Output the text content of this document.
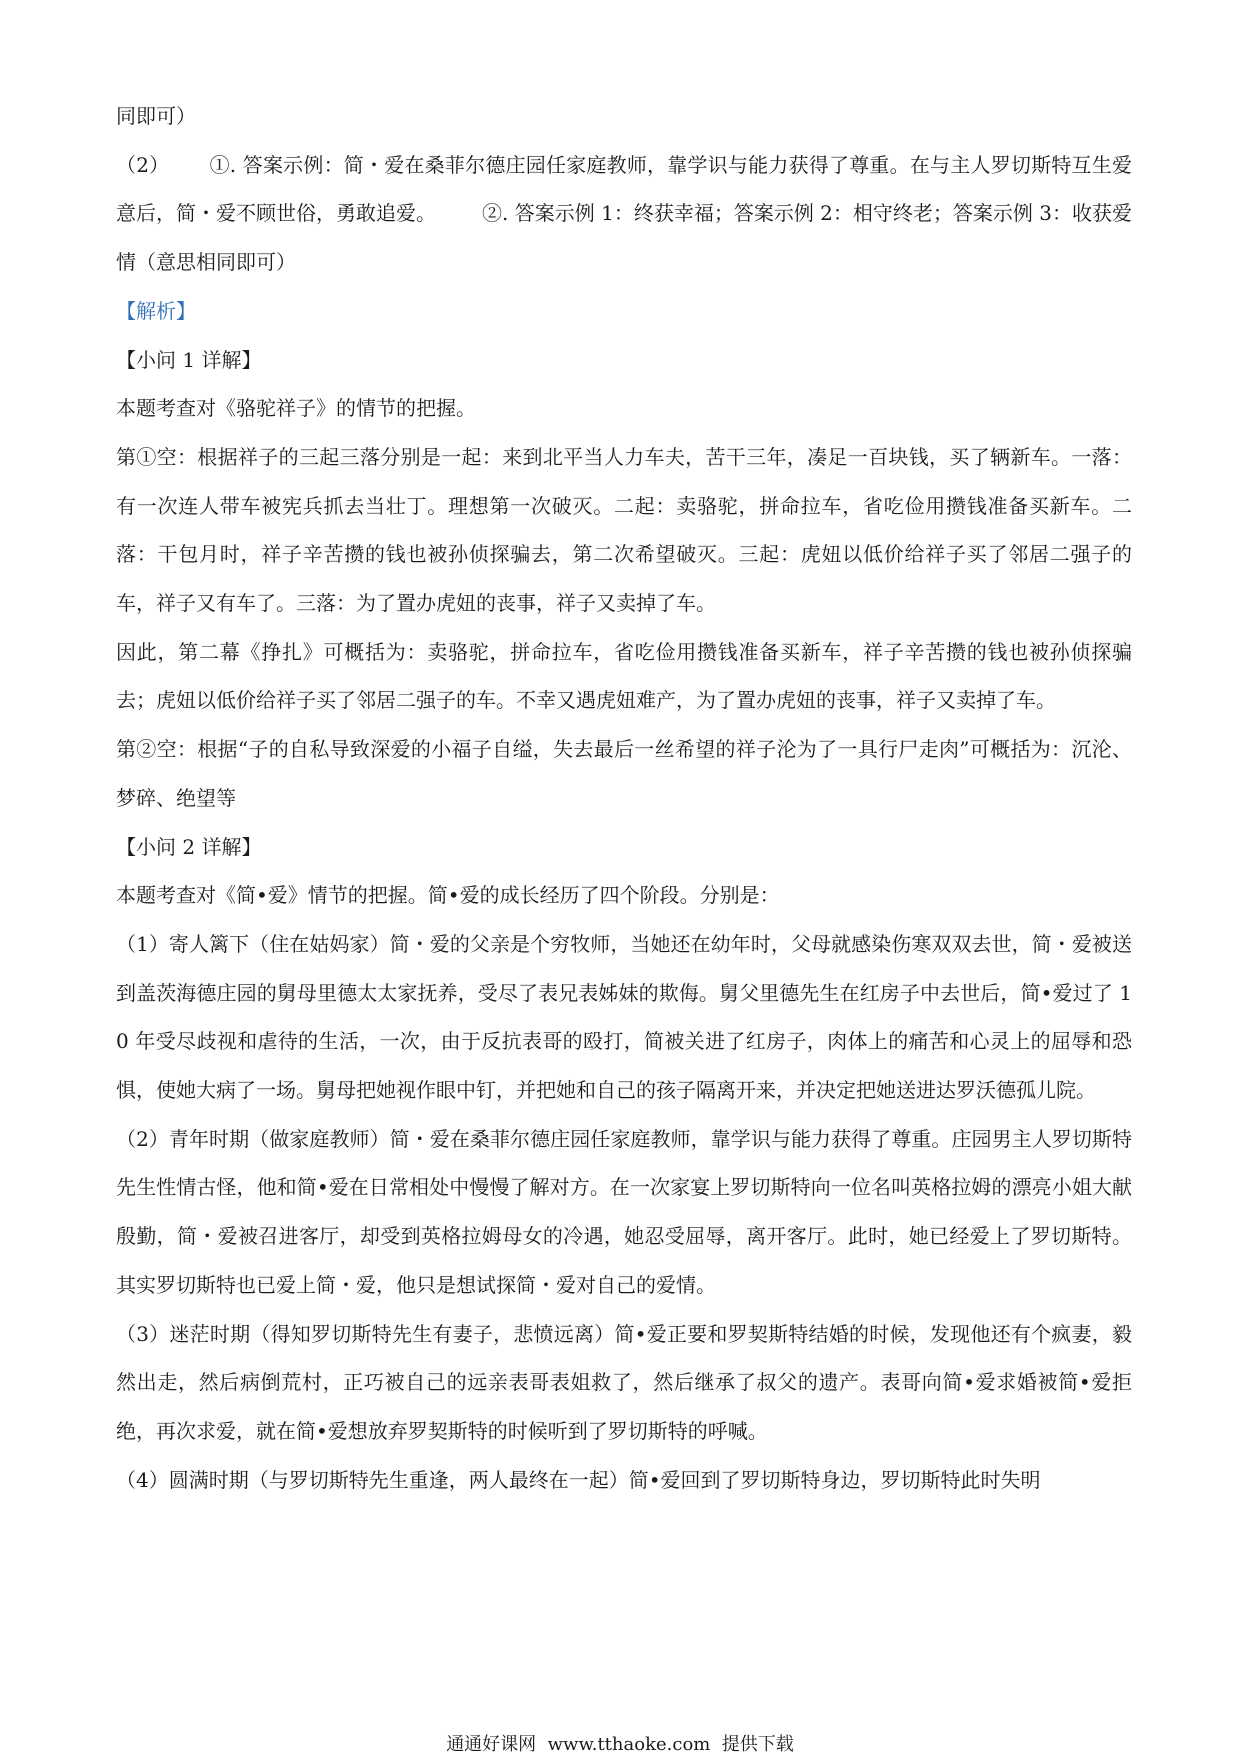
同即可）

（2） ①. 答案示例：简・爱在桑菲尔德庄园任家庭教师，靠学识与能力获得了尊重。在与主人罗切斯特互生爱意后，简・爱不顾世俗，勇敢追爱。 ②. 答案示例 1：终获幸福；答案示例 2：相守终老；答案示例 3：收获爱情（意思相同即可）

【解析】

【小问 1 详解】

本题考查对《骆驼祥子》的情节的把握。

第①空：根据祥子的三起三落分别是一起：来到北平当人力车夫，苦干三年，凑足一百块钱，买了辆新车。一落：有一次连人带车被宪兵抓去当壮丁。理想第一次破灭。二起：卖骆驼，拼命拉车，省吃俭用攒钱准备买新车。二落：干包月时，祥子辛苦攒的钱也被孙侦探骗去，第二次希望破灭。三起：虎妞以低价给祥子买了邻居二强子的车，祥子又有车了。三落：为了置办虎妞的丧事，祥子又卖掉了车。

因此，第二幕《挣扎》可概括为：卖骆驼，拼命拉车，省吃俭用攒钱准备买新车，祥子辛苦攒的钱也被孙侦探骗去；虎妞以低价给祥子买了邻居二强子的车。不幸又遇虎妞难产，为了置办虎妞的丧事，祥子又卖掉了车。

第②空：根据“子的自私导致深爱的小福子自缢，失去最后一丝希望的祥子沦为了一具行尸走肉”可概括为：沉沦、梦碎、绝望等

【小问 2 详解】

本题考查对《简•爱》情节的把握。简•爱的成长经历了四个阶段。分别是：

（1）寄人篱下（住在姑妈家）简・爱的父亲是个穷牧师，当她还在幼年时，父母就感染伤寒双双去世，简・爱被送到盖茨海德庄园的舅母里德太太家抚养，受尽了表兄表姊妹的欺侮。舅父里德先生在红房子中去世后，简•爱过了 10 年受尽歧视和虐待的生活，一次，由于反抗表哥的殴打，简被关进了红房子，肉体上的痛苦和心灵上的屈辱和恐惧，使她大病了一场。舅母把她视作眼中钉，并把她和自己的孩子隔离开来，并决定把她送进达罗沃德孤儿院。

（2）青年时期（做家庭教师）简・爱在桑菲尔德庄园任家庭教师，靠学识与能力获得了尊重。庄园男主人罗切斯特先生性情古怪，他和简•爱在日常相处中慢慢了解对方。在一次家宴上罗切斯特向一位名叫英格拉姆的漂亮小姐大献殷勤，简・爱被召进客厅，却受到英格拉姆母女的冷遇，她忍受屈辱，离开客厅。此时，她已经爱上了罗切斯特。其实罗切斯特也已爱上简・爱，他只是想试探简・爱对自己的爱情。

（3）迷茫时期（得知罗切斯特先生有妻子，悲愤远离）简•爱正要和罗契斯特结婚的时候，发现他还有个疯妻，毅然出走，然后病倒荒村，正巧被自己的远亲表哥表姐救了，然后继承了叔父的遗产。表哥向简•爱求婚被简•爱拒绝，再次求爱，就在简•爱想放弃罗契斯特的时候听到了罗切斯特的呼喊。

（4）圆满时期（与罗切斯特先生重逢，两人最终在一起）简•爱回到了罗切斯特身边，罗切斯特此时失明

通通好课网 www.tthaoke.com 提供下载
